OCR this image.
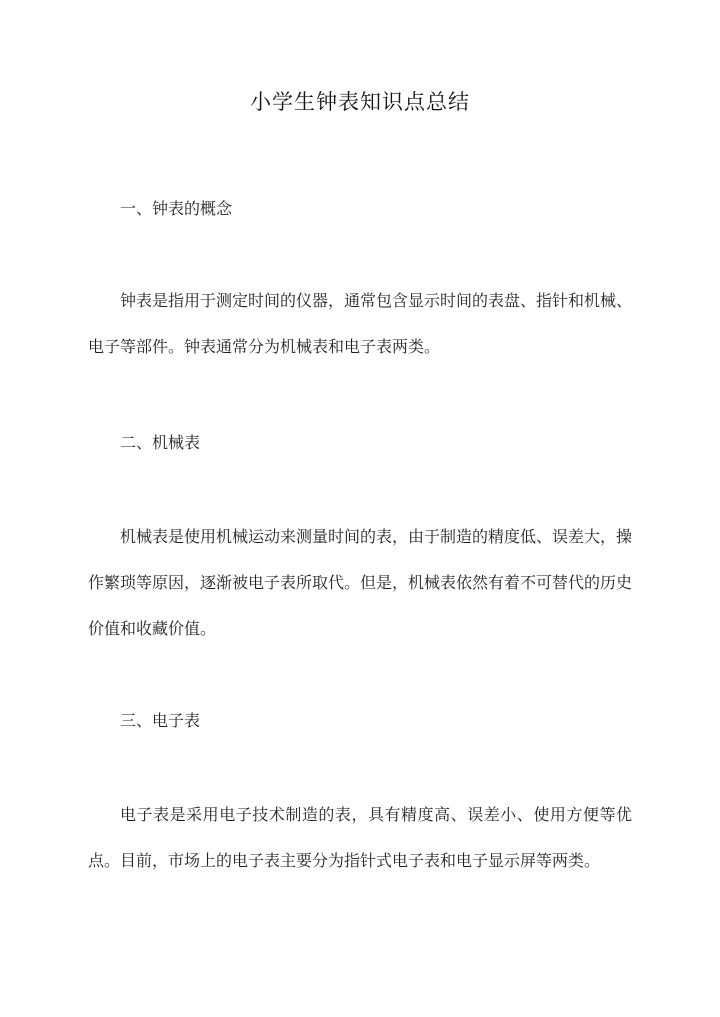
小学生钟表知识点总结
一、钟表的概念
钟表是指用于测定时间的仪器，通常包含显示时间的表盘、指针和机械、电子等部件。钟表通常分为机械表和电子表两类。
二、机械表
机械表是使用机械运动来测量时间的表，由于制造的精度低、误差大，操作繁琐等原因，逐渐被电子表所取代。但是，机械表依然有着不可替代的历史价值和收藏价值。
三、电子表
电子表是采用电子技术制造的表，具有精度高、误差小、使用方便等优点。目前，市场上的电子表主要分为指针式电子表和电子显示屏等两类。
